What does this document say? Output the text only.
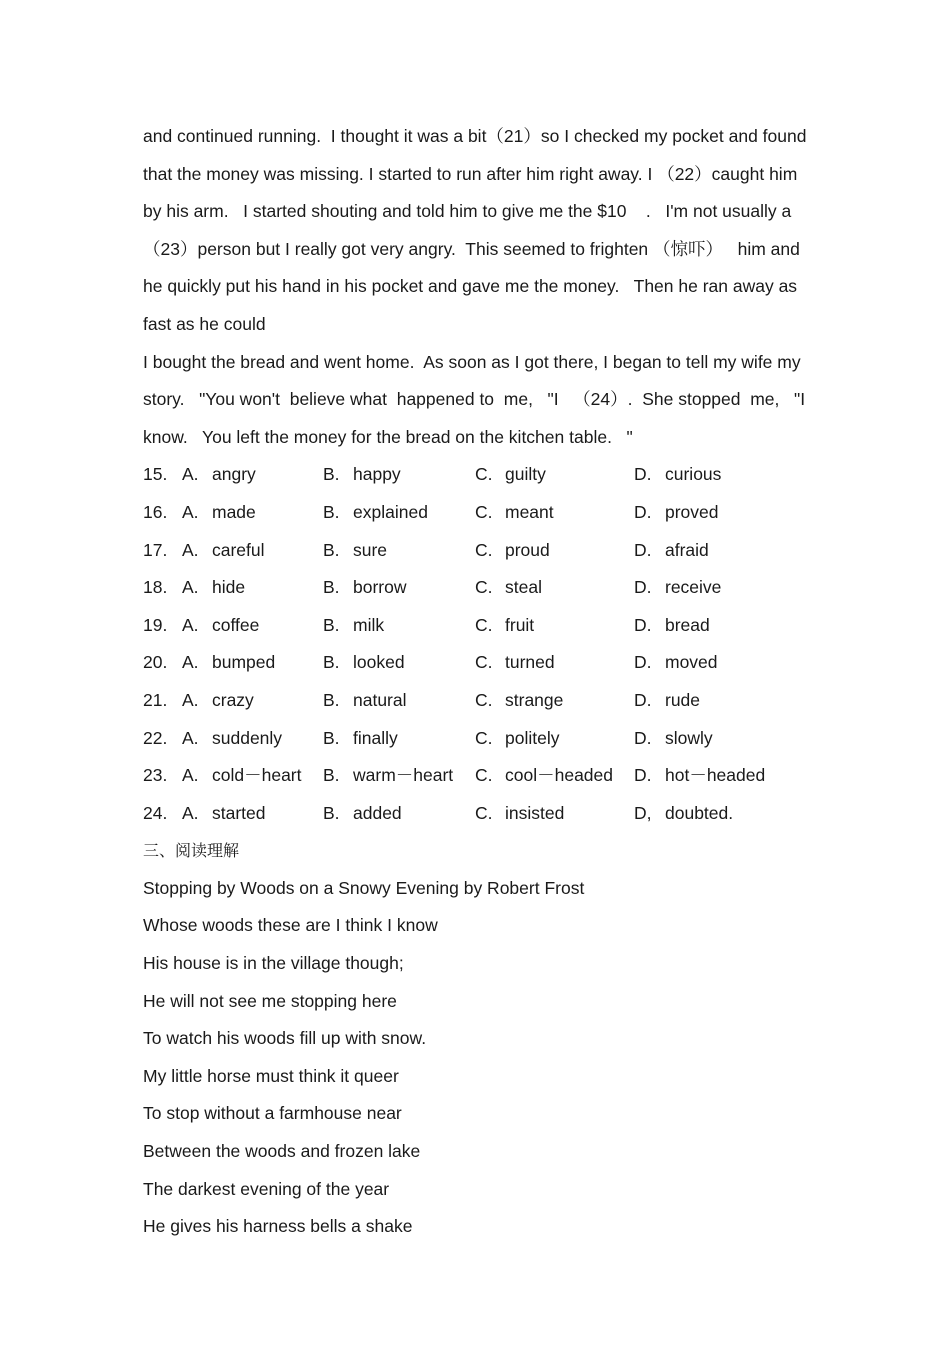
and continued running.  I thought it was a bit（21）so I checked my pocket and found
that the money was missing. I started to run after him right away. I （22）caught him
by his arm.   I started shouting and told him to give me the $10    .   I'm not usually a
（23）person but I really got very angry.  This seemed to frighten （惊吓）   him and
he quickly put his hand in his pocket and gave me the money.   Then he ran away as
fast as he could
I bought the bread and went home.  As soon as I got there, I began to tell my wife my
story.   "You won't  believe what  happened to  me,   "I   （24）.  She stopped  me,   "I
know.   You left the money for the bread on the kitchen table.   "
15. A. angry	B. happy	C. guilty	D. curious
16. A. made	B. explained	C. meant	D. proved
17. A. careful	B. sure	C. proud	D. afraid
18. A. hide	B. borrow	C. steal	D. receive
19. A. coffee	B. milk	C. fruit	D. bread
20. A. bumped	B. looked	C. turned	D. moved
21. A. crazy	B. natural	C. strange	D. rude
22. A. suddenly B. finally	C. politely	D. slowly
23. A. cold－heart B. warm－heart C. cool－headed D. hot－headed
24. A. started	B. added	C. insisted	D, doubted.
三、阅读理解
Stopping by Woods on a Snowy Evening by Robert Frost
Whose woods these are I think I know
His house is in the village though;
He will not see me stopping here
To watch his woods fill up with snow.
My little horse must think it queer
To stop without a farmhouse near
Between the woods and frozen lake
The darkest evening of the year
He gives his harness bells a shake
